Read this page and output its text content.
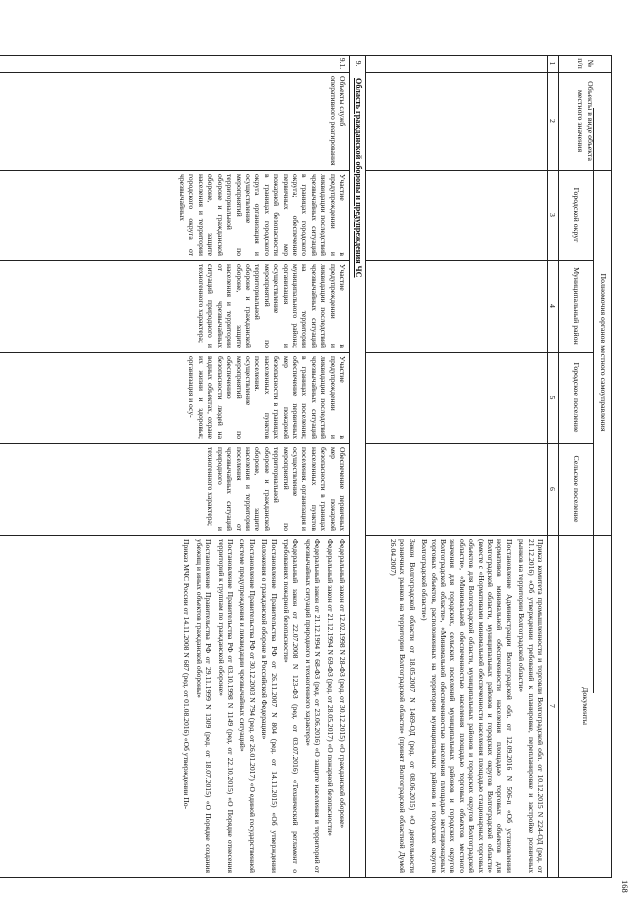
№ п/п
Объекты в виде объекта местного значения
Полномочия органов местного самоуправления
Городской округ
Муниципальный район
Городское поселение
Сельское поселение
Документы
1
2
3
4
5
6
7

Приказ комитета промышленности и торговли Волгоградской обл. от 10.12.2015 N 224-ОД (ред. от 21.12.2016) «Об утверждении требований к планировке, перепланировке и застройке розничных рынков на территории Волгоградской области»

Постановление Администрации Волгоградской обл. от 12.09.2016 N 506-п «Об установлении нормативов минимальной обеспеченности населения площадью торговых объектов для Волгоградской области, муниципальных районов и городских округов Волгоградской области» (вместе с «Нормативами минимальной обеспеченности населения площадью стационарных торговых объектов для Волгоградской области, муниципальных районов и городских округов Волгоградской области», «Минимальной обеспеченностью населения площадью торговых объектов местного значения для городских, сельских поселений муниципальных районов и городских округов Волгоградской области», «Минимальной обеспеченностью населения площадью нестационарных торговых объектов, расположенных на территории муниципальных районов и городских округов Волгоградской области»)

Закон Волгоградской области от 18.05.2007 N 1469-ОД (ред. от 08.06.2015) «О деятельности розничных рынков на территории Волгоградской области» (принят Волгоградской областной Думой 26.04.2007)

9.
Область гражданской обороны и предупреждения ЧС
9.1.
Объекты служб оперативного реагирования
Участие в предупреждении и ликвидации последствий чрезвычайных ситуаций в границах городского округа; обеспечение первичных мер пожарной безопасности в границах городского округа организация и осуществление мероприятий по территориальной обороне и гражданской обороне, защите населения и территории городского округа от чрезвычайных
Участие в предупреждении и ликвидации последствий чрезвычайных ситуаций на территории муниципального района; организация и осуществление мероприятий по территориальной обороне и гражданской обороне, защите населения и территории от чрезвычайных ситуаций природного и техногенного характера;
Участие в предупреждении и ликвидации последствий чрезвычайных ситуаций в границах поселения; обеспечение первичных мер пожарной безопасности в границах населенных пунктов поселения. осуществление мероприятий по обеспечению безопасности людей на водных объектах, охране их жизни и здоровья; организация и осу-
Обеспечение первичных мер пожарной безопасности в границах населенных пунктов поселения. организация и осуществление мероприятий по территориальной обороне и гражданской обороне, защите населения и территории поселения от чрезвычайных ситуаций природного и техногенного характера;

Федеральный закон от 12.02.1998 N 28-ФЗ (ред. от 30.12.2015) «О гражданской обороне»

Федеральный закон от 21.12.1994 N 69-ФЗ (ред. от 28.05.2017) «О пожарной безопасности»

Федеральный закон от 21.12.1994 N 68-ФЗ (ред. от 23.06.2016) «О защите населения и территорий от чрезвычайных ситуаций природного и техногенного характера»

Федеральный закон от 22.07.2008 N 123-ФЗ (ред. от 03.07.2016) «Технический регламент о требованиях пожарной безопасности»

Постановление Правительства РФ от 26.11.2007 N 804 (ред. от 14.11.2015) «Об утверждении Положения о гражданской обороне в Российской Федерации»

Постановление Правительства РФ от 30.12.2003 N 794 (ред. от 26.01.2017) «О единой государственной системе предупреждения и ликвидации чрезвычайных ситуаций»

Постановление Правительства РФ от 03.10.1998 N 1149 (ред. от 22.10.2015) «О Порядке отнесения территорий к группам по гражданской обороне»

Постановление Правительства РФ от 29.11.1999 N 1309 (ред. от 18.07.2015) «О Порядке создания убежищ и иных объектов гражданской обороны»

Приказ МЧС России от 14.11.2008 N 687 (ред. от 01.08.2016) «Об утверждении По-

168
